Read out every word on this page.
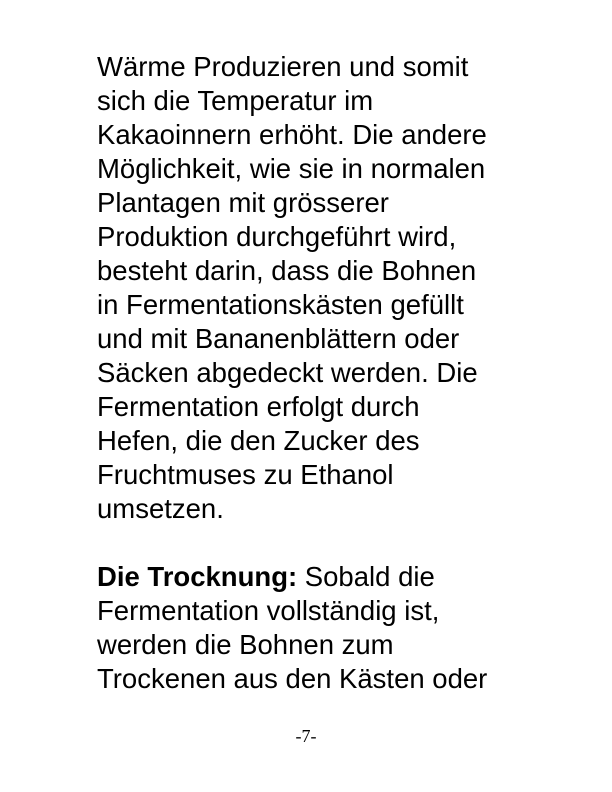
Wärme Produzieren und somit
sich die Temperatur im
Kakaoinnern erhöht. Die andere
Möglichkeit, wie sie in normalen
Plantagen mit grösserer
Produktion durchgeführt wird,
besteht darin, dass die Bohnen
in Fermentationskästen gefüllt
und mit Bananenblättern oder
Säcken abgedeckt werden. Die
Fermentation erfolgt durch
Hefen, die den Zucker des
Fruchtmuses zu Ethanol
umsetzen.
Die Trocknung: Sobald die
Fermentation vollständig ist,
werden die Bohnen zum
Trockenen aus den Kästen oder
-7-
